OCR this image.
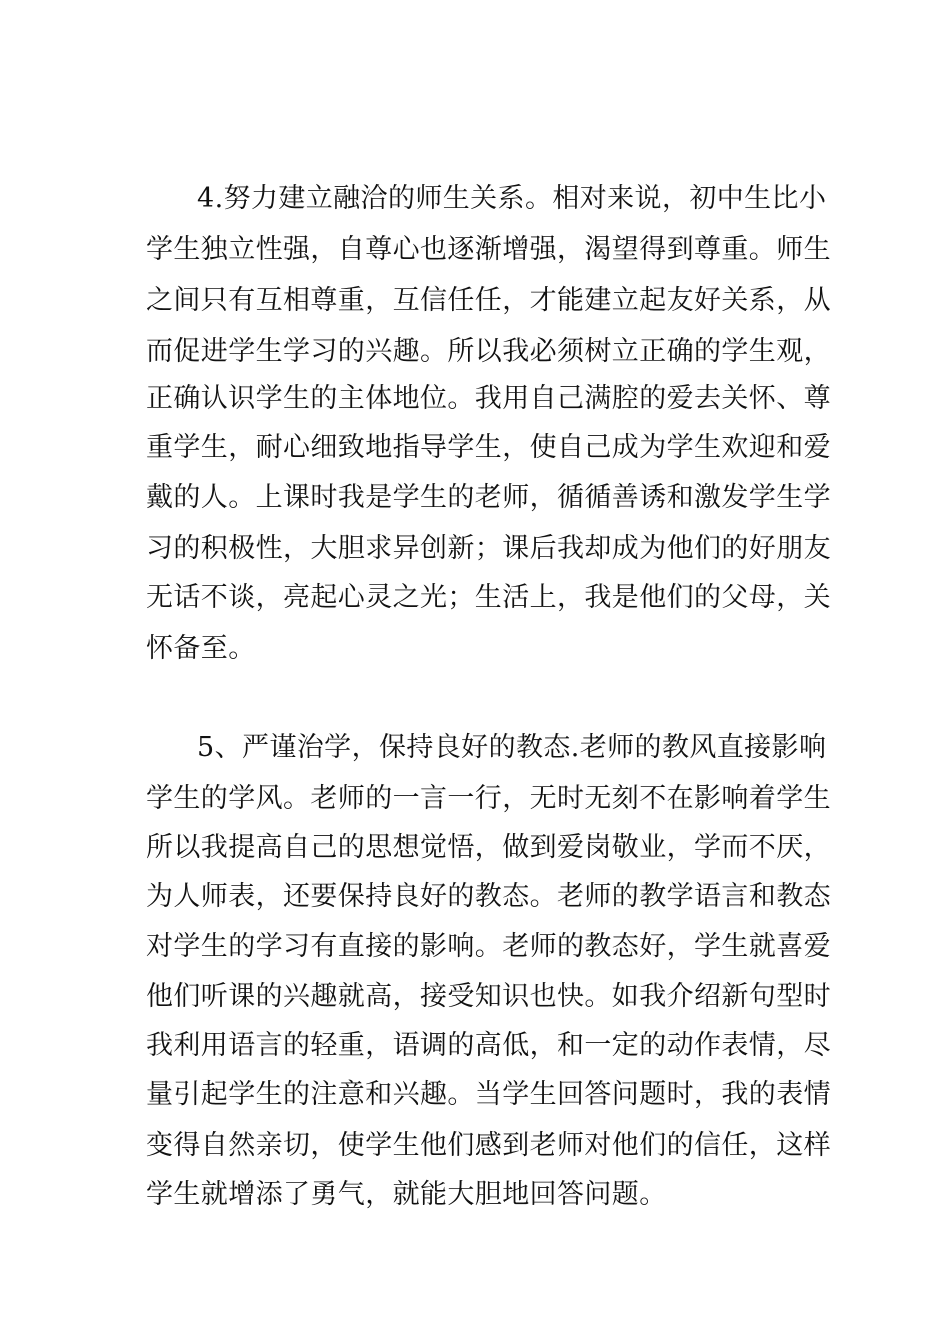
4.努力建立融洽的师生关系。相对来说，初中生比小
学生独立性强，自尊心也逐渐增强，渴望得到尊重。师生
之间只有互相尊重，互信任任，才能建立起友好关系，从
而促进学生学习的兴趣。所以我必须树立正确的学生观，
正确认识学生的主体地位。我用自己满腔的爱去关怀、尊
重学生，耐心细致地指导学生，使自己成为学生欢迎和爱
戴的人。上课时我是学生的老师，循循善诱和激发学生学
习的积极性，大胆求异创新；课后我却成为他们的好朋友
无话不谈，亮起心灵之光；生活上，我是他们的父母，关
怀备至。
5、严谨治学，保持良好的教态.老师的教风直接影响
学生的学风。老师的一言一行，无时无刻不在影响着学生
所以我提高自己的思想觉悟，做到爱岗敬业，学而不厌，
为人师表，还要保持良好的教态。老师的教学语言和教态
对学生的学习有直接的影响。老师的教态好，学生就喜爱
他们听课的兴趣就高，接受知识也快。如我介绍新句型时
我利用语言的轻重，语调的高低，和一定的动作表情，尽
量引起学生的注意和兴趣。当学生回答问题时，我的表情
变得自然亲切，使学生他们感到老师对他们的信任，这样
学生就增添了勇气，就能大胆地回答问题。
